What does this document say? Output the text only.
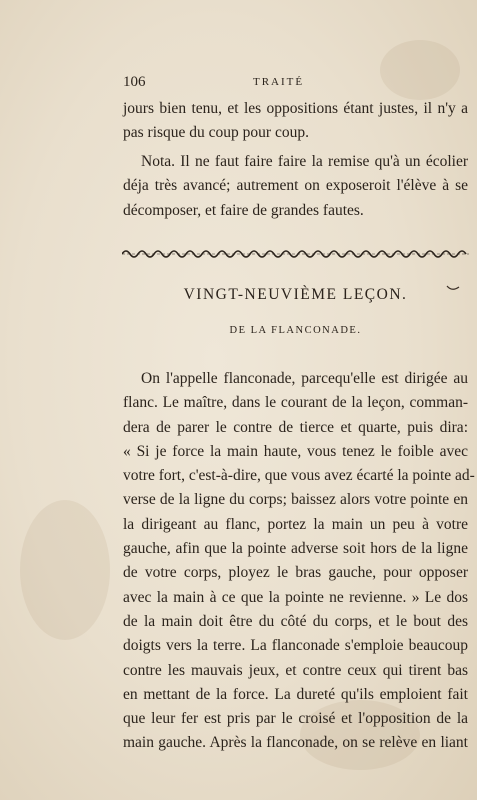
106	TRAITÉ
jours bien tenu, et les oppositions étant justes, il n'y a
pas risque du coup pour coup.
Nota. Il ne faut faire faire la remise qu'à un écolier
déja très avancé; autrement on exposeroit l'élève à se
décomposer, et faire de grandes fautes.
VINGT-NEUVIÈME LEÇON.
DE LA FLANCONADE.
On l'appelle flanconade, parcequ'elle est dirigée au
flanc. Le maître, dans le courant de la leçon, comman-
dera de parer le contre de tierce et quarte, puis dira:
« Si je force la main haute, vous tenez le foible avec
votre fort, c'est-à-dire, que vous avez écarté la pointe ad-
verse de la ligne du corps; baissez alors votre pointe en
la dirigeant au flanc, portez la main un peu à votre
gauche, afin que la pointe adverse soit hors de la ligne
de votre corps, ployez le bras gauche, pour opposer
avec la main à ce que la pointe ne revienne. » Le dos
de la main doit être du côté du corps, et le bout des
doigts vers la terre. La flanconade s'emploie beaucoup
contre les mauvais jeux, et contre ceux qui tirent bas
en mettant de la force. La dureté qu'ils emploient fait
que leur fer est pris par le croisé et l'opposition de la
main gauche. Après la flanconade, on se relève en liant
